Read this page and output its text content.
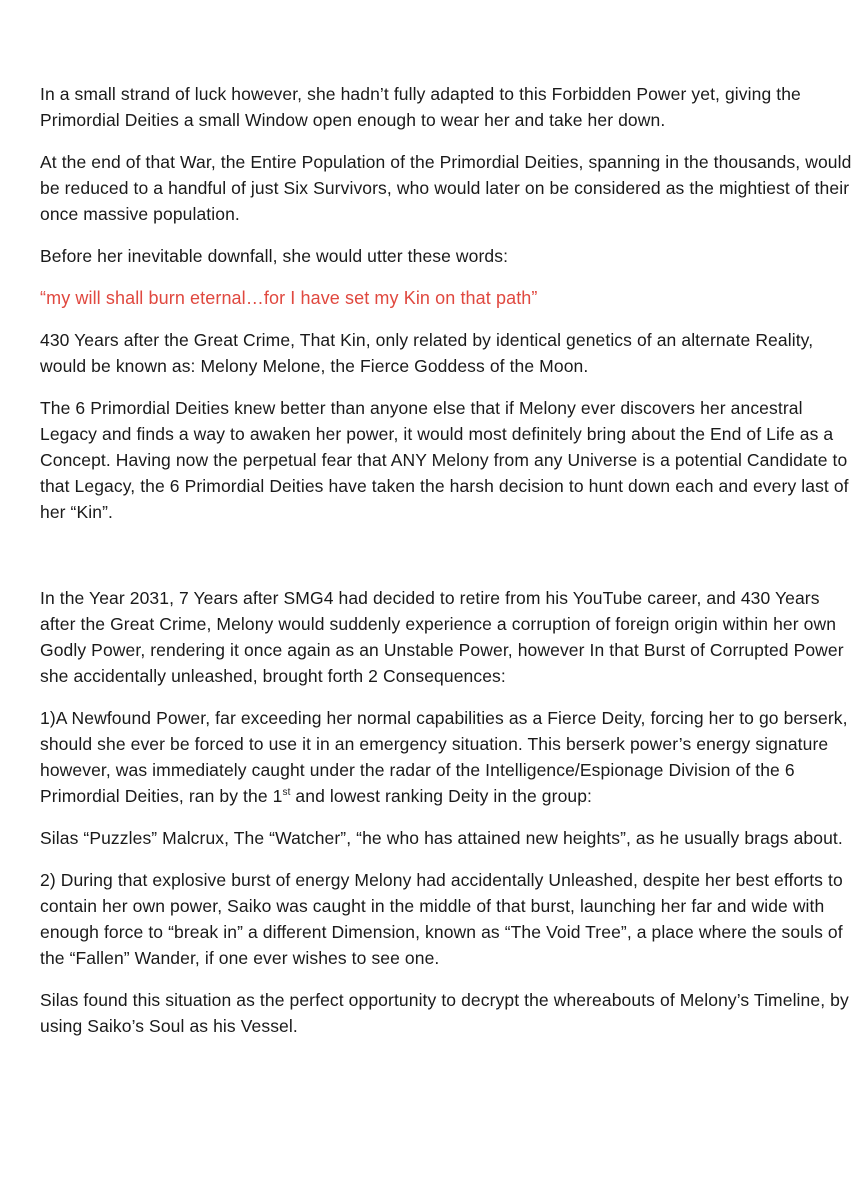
In a small strand of luck however, she hadn’t fully adapted to this Forbidden Power yet, giving the Primordial Deities a small Window open enough to wear her and take her down.

At the end of that War, the Entire Population of the Primordial Deities, spanning in the thousands, would be reduced to a handful of just Six Survivors, who would later on be considered as the mightiest of their once massive population.

Before her inevitable downfall, she would utter these words:

“my will shall burn eternal…for I have set my Kin on that path”

430 Years after the Great Crime, That Kin, only related by identical genetics of an alternate Reality, would be known as: Melony Melone, the Fierce Goddess of the Moon.

The 6 Primordial Deities knew better than anyone else that if Melony ever discovers her ancestral Legacy and finds a way to awaken her power, it would most definitely bring about the End of Life as a Concept. Having now the perpetual fear that ANY Melony from any Universe is a potential Candidate to that Legacy, the 6 Primordial Deities have taken the harsh decision to hunt down each and every last of her “Kin”.

In the Year 2031, 7 Years after SMG4 had decided to retire from his YouTube career, and 430 Years after the Great Crime, Melony would suddenly experience a corruption of foreign origin within her own Godly Power, rendering it once again as an Unstable Power, however In that Burst of Corrupted Power she accidentally unleashed, brought forth 2 Consequences:

1)A Newfound Power, far exceeding her normal capabilities as a Fierce Deity, forcing her to go berserk, should she ever be forced to use it in an emergency situation. This berserk power’s energy signature however, was immediately caught under the radar of the Intelligence/Espionage Division of the 6 Primordial Deities, ran by the 1st and lowest ranking Deity in the group:

Silas “Puzzles” Malcrux, The “Watcher”, “he who has attained new heights”, as he usually brags about.

2) During that explosive burst of energy Melony had accidentally Unleashed, despite her best efforts to contain her own power, Saiko was caught in the middle of that burst, launching her far and wide with enough force to “break in” a different Dimension, known as “The Void Tree”, a place where the souls of the “Fallen” Wander, if one ever wishes to see one.

Silas found this situation as the perfect opportunity to decrypt the whereabouts of Melony’s Timeline, by using Saiko’s Soul as his Vessel.
